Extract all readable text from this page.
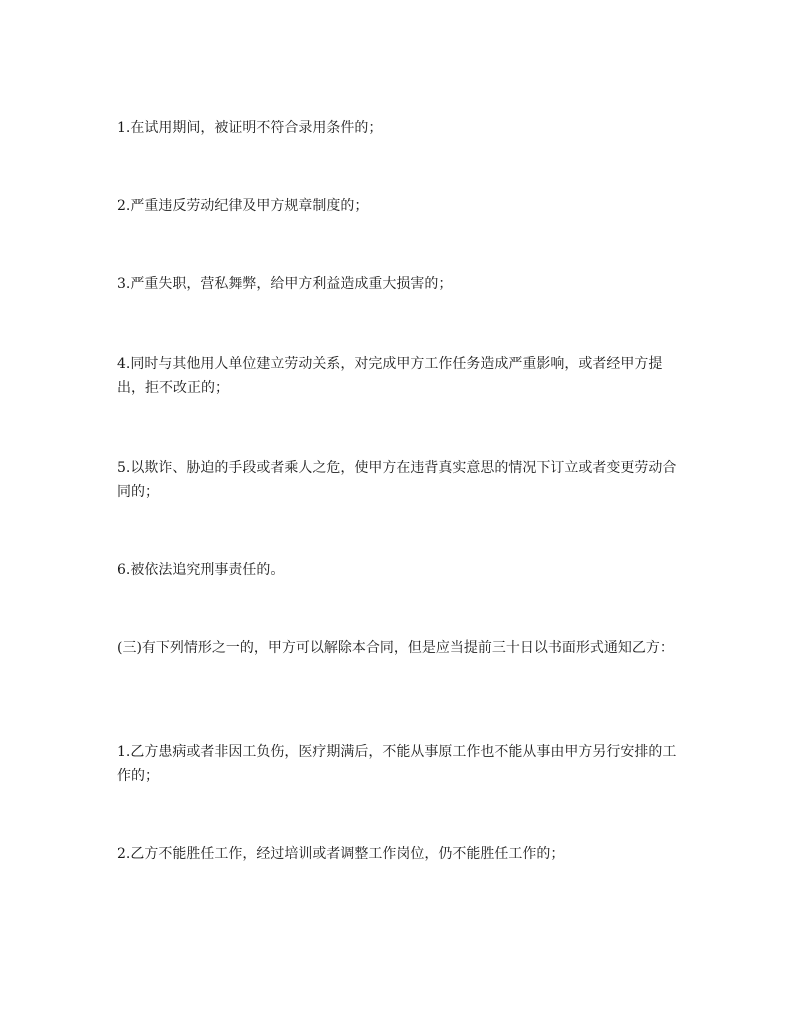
1.在试用期间，被证明不符合录用条件的；

2.严重违反劳动纪律及甲方规章制度的；

3.严重失职，营私舞弊，给甲方利益造成重大损害的；

4.同时与其他用人单位建立劳动关系，对完成甲方工作任务造成严重影响，或者经甲方提出，拒不改正的；

5.以欺诈、胁迫的手段或者乘人之危，使甲方在违背真实意思的情况下订立或者变更劳动合同的；

6.被依法追究刑事责任的。

(三)有下列情形之一的，甲方可以解除本合同，但是应当提前三十日以书面形式通知乙方：

1.乙方患病或者非因工负伤，医疗期满后，不能从事原工作也不能从事由甲方另行安排的工作的；

2.乙方不能胜任工作，经过培训或者调整工作岗位，仍不能胜任工作的；
